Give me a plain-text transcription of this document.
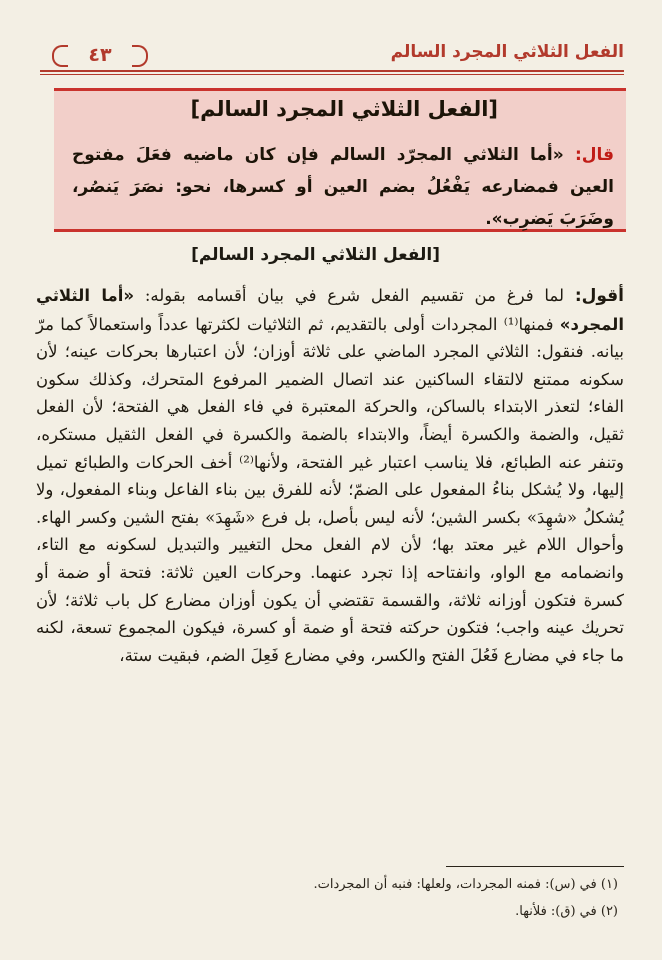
الفعل الثلاثي المجرد السالم
٤٣
[الفعل الثلاثي المجرد السالم]
قال: «أما الثلاثي المجرّد السالم فإن كان ماضيه فعَلَ مفتوح العين فمضارعه يَفْعُلُ بضم العين أو كسرها، نحو: نصَرَ يَنصُر، وضَرَبَ يَضرِب».
[الفعل الثلاثي المجرد السالم]
أقول: لما فرغ من تقسيم الفعل شرع في بيان أقسامه بقوله: «أما الثلاثي المجرد» فمنها⁽¹⁾ المجردات أولى بالتقديم، ثم الثلاثيات لكثرتها عدداً واستعمالاً كما مرّ بيانه. فنقول: الثلاثي المجرد الماضي على ثلاثة أوزان؛ لأن اعتبارها بحركات عينه؛ لأن سكونه ممتنع لالتقاء الساكنين عند اتصال الضمير المرفوع المتحرك، وكذلك سكون الفاء؛ لتعذر الابتداء بالساكن، والحركة المعتبرة في فاء الفعل هي الفتحة؛ لأن الفعل ثقيل، والضمة والكسرة أيضاً، والابتداء بالضمة والكسرة في الفعل الثقيل مستكره، وتنفر عنه الطبائع، فلا يناسب اعتبار غير الفتحة، ولأنها⁽²⁾ أخف الحركات والطبائع تميل إليها، ولا يُشكل بناءُ المفعول على الضمّ؛ لأنه للفرق بين بناء الفاعل وبناء المفعول، ولا يُشكلُ «شهِدَ» بكسر الشين؛ لأنه ليس بأصل، بل فرع «شَهِدَ» بفتح الشين وكسر الهاء. وأحوال اللام غير معتد بها؛ لأن لام الفعل محل التغيير والتبديل لسكونه مع التاء، وانضمامه مع الواو، وانفتاحه إذا تجرد عنهما. وحركات العين ثلاثة: فتحة أو ضمة أو كسرة فتكون أوزانه ثلاثة، والقسمة تقتضي أن يكون أوزان مضارع كل باب ثلاثة؛ لأن تحريك عينه واجب؛ فتكون حركته فتحة أو ضمة أو كسرة، فيكون المجموع تسعة، لكنه ما جاء في مضارع فَعُلَ الفتح والكسر، وفي مضارع فَعِلَ الضم، فبقيت ستة،
(١) في (س): فمنه المجردات، ولعلها: فنبه أن المجردات.
(٢) في (ق): فلأنها.
